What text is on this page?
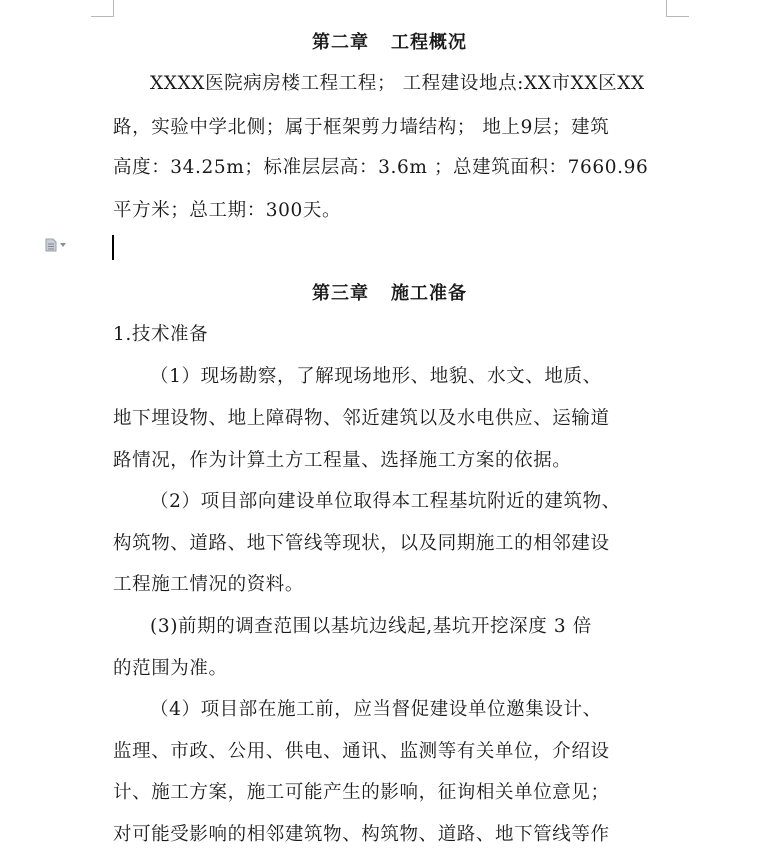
第二章 工程概况
XXXX医院病房楼工程工程； 工程建设地点:XX市XX区XX
路，实验中学北侧；属于框架剪力墙结构； 地上9层；建筑
高度：34.25m；标准层层高：3.6m ；总建筑面积：7660.96
平方米；总工期：300天。
第三章 施工准备
1.技术准备
（1）现场勘察，了解现场地形、地貌、水文、地质、
地下埋设物、地上障碍物、邻近建筑以及水电供应、运输道
路情况，作为计算土方工程量、选择施工方案的依据。
（2）项目部向建设单位取得本工程基坑附近的建筑物、
构筑物、道路、地下管线等现状，以及同期施工的相邻建设
工程施工情况的资料。
(3)前期的调查范围以基坑边线起,基坑开挖深度 3 倍
的范围为准。
（4）项目部在施工前，应当督促建设单位邀集设计、
监理、市政、公用、供电、通讯、监测等有关单位，介绍设
计、施工方案，施工可能产生的影响，征询相关单位意见；
对可能受影响的相邻建筑物、构筑物、道路、地下管线等作
